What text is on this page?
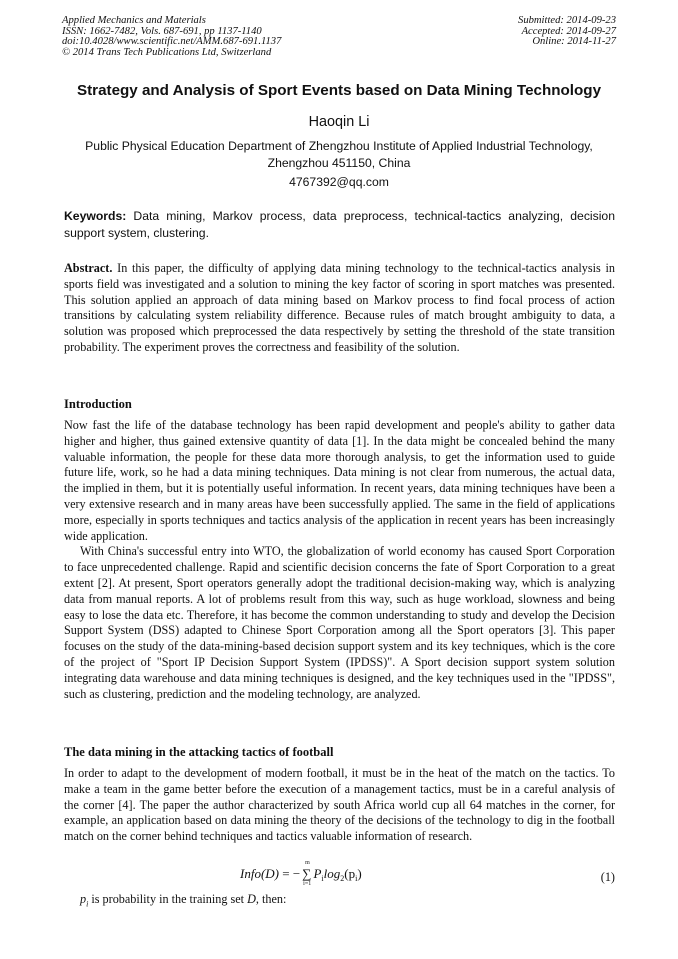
Applied Mechanics and Materials
ISSN: 1662-7482, Vols. 687-691, pp 1137-1140
doi:10.4028/www.scientific.net/AMM.687-691.1137
© 2014 Trans Tech Publications Ltd, Switzerland
Submitted: 2014-09-23
Accepted: 2014-09-27
Online: 2014-11-27
Strategy and Analysis of Sport Events based on Data Mining Technology
Haoqin Li
Public Physical Education Department of Zhengzhou Institute of Applied Industrial Technology, Zhengzhou 451150, China
4767392@qq.com
Keywords: Data mining, Markov process, data preprocess, technical-tactics analyzing, decision support system, clustering.
Abstract. In this paper, the difficulty of applying data mining technology to the technical-tactics analysis in sports field was investigated and a solution to mining the key factor of scoring in sport matches was presented. This solution applied an approach of data mining based on Markov process to find focal process of action transitions by calculating system reliability difference. Because rules of match brought ambiguity to data, a solution was proposed which preprocessed the data respectively by setting the threshold of the state transition probability. The experiment proves the correctness and feasibility of the solution.
Introduction

Now fast the life of the database technology has been rapid development and people's ability to gather data higher and higher, thus gained extensive quantity of data [1]. In the data might be concealed behind the many valuable information, the people for these data more thorough analysis, to get the information used to guide future life, work, so he had a data mining techniques. Data mining is not clear from numerous, the actual data, the implied in them, but it is potentially useful information. In recent years, data mining techniques have been a very extensive research and in many areas have been successfully applied. The same in the field of applications more, especially in sports techniques and tactics analysis of the application in recent years has been increasingly wide application.

With China's successful entry into WTO, the globalization of world economy has caused Sport Corporation to face unprecedented challenge. Rapid and scientific decision concerns the fate of Sport Corporation to a great extent [2]. At present, Sport operators generally adopt the traditional decision-making way, which is analyzing data from manual reports. A lot of problems result from this way, such as huge workload, slowness and being easy to lose the data etc. Therefore, it has become the common understanding to study and develop the Decision Support System (DSS) adapted to Chinese Sport Corporation among all the Sport operators [3]. This paper focuses on the study of the data-mining-based decision support system and its key techniques, which is the core of the project of "Sport IP Decision Support System (IPDSS)". A Sport decision support system solution integrating data warehouse and data mining techniques is designed, and the key techniques used in the "IPDSS", such as clustering, prediction and the modeling technology, are analyzed.

The data mining in the attacking tactics of football

In order to adapt to the development of modern football, it must be in the heat of the match on the tactics. To make a team in the game better before the execution of a management tactics, must be in a careful analysis of the corner [4]. The paper the author characterized by south Africa world cup all 64 matches in the corner, for example, an application based on data mining the theory of the decisions of the technology to dig in the football match on the corner behind techniques and tactics valuable information of research.

Info(D) = −
m
∑
i=1
$P_i\log_2(p_i)$	(1)
$p_i$ is probability in the training set D, then:
